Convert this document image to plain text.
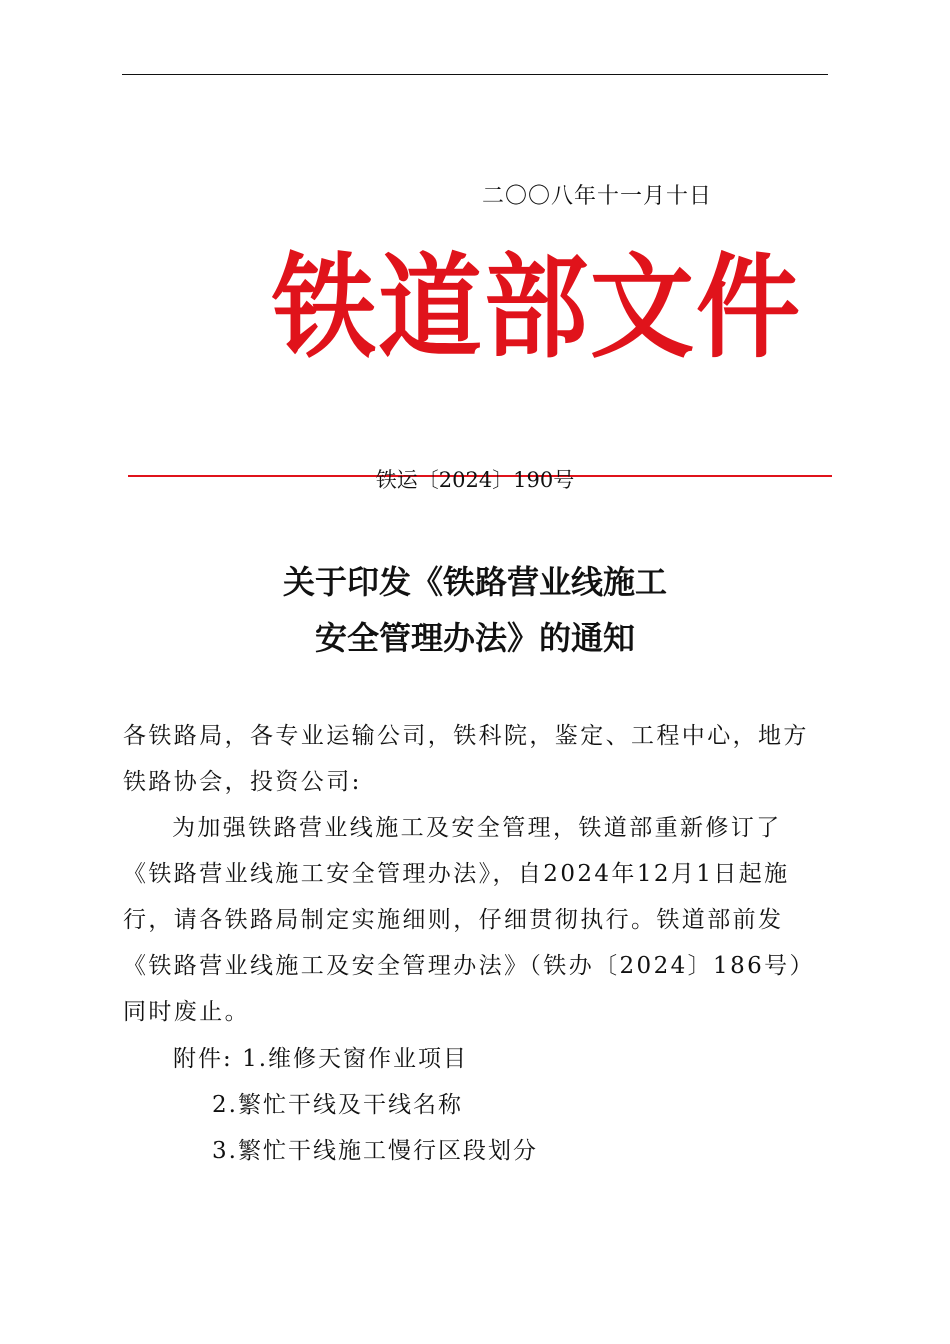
二〇〇八年十一月十日
铁道部文件
铁运〔2024〕190号
关于印发《铁路营业线施工
安全管理办法》的通知

各铁路局，各专业运输公司，铁科院，鉴定、工程中心，地方铁路协会，投资公司:

为加强铁路营业线施工及安全管理，铁道部重新修订了《铁路营业线施工安全管理办法》，自2024年12月1日起施行，请各铁路局制定实施细则，仔细贯彻执行。铁道部前发《铁路营业线施工及安全管理办法》（铁办〔2024〕186号）同时废止。

附件: 1.维修天窗作业项目
2.繁忙干线及干线名称
3.繁忙干线施工慢行区段划分
